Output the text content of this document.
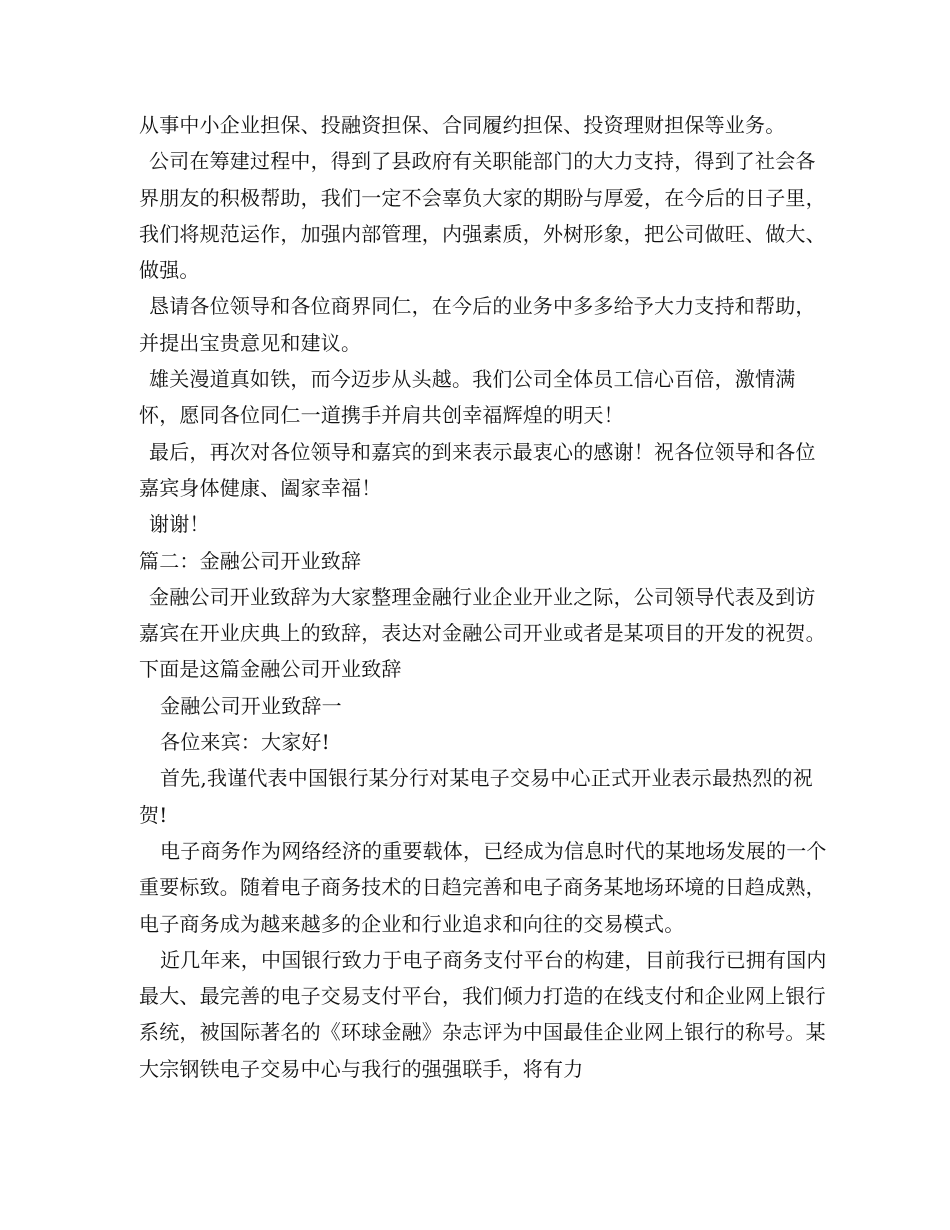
从事中小企业担保、投融资担保、合同履约担保、投资理财担保等业务。

公司在筹建过程中，得到了县政府有关职能部门的大力支持，得到了社会各界朋友的积极帮助，我们一定不会辜负大家的期盼与厚爱，在今后的日子里，我们将规范运作，加强内部管理，内强素质，外树形象，把公司做旺、做大、做强。

恳请各位领导和各位商界同仁，在今后的业务中多多给予大力支持和帮助，并提出宝贵意见和建议。

雄关漫道真如铁，而今迈步从头越。我们公司全体员工信心百倍，激情满怀，愿同各位同仁一道携手并肩共创幸福辉煌的明天！

最后，再次对各位领导和嘉宾的到来表示最衷心的感谢！祝各位领导和各位嘉宾身体健康、阖家幸福！

谢谢！

篇二：金融公司开业致辞

金融公司开业致辞为大家整理金融行业企业开业之际，公司领导代表及到访嘉宾在开业庆典上的致辞，表达对金融公司开业或者是某项目的开发的祝贺。下面是这篇金融公司开业致辞

金融公司开业致辞一

各位来宾：大家好!

首先,我谨代表中国银行某分行对某电子交易中心正式开业表示最热烈的祝贺!

电子商务作为网络经济的重要载体，已经成为信息时代的某地场发展的一个重要标致。随着电子商务技术的日趋完善和电子商务某地场环境的日趋成熟，电子商务成为越来越多的企业和行业追求和向往的交易模式。

近几年来，中国银行致力于电子商务支付平台的构建，目前我行已拥有国内最大、最完善的电子交易支付平台，我们倾力打造的在线支付和企业网上银行系统，被国际著名的《环球金融》杂志评为中国最佳企业网上银行的称号。某大宗钢铁电子交易中心与我行的强强联手，将有力
